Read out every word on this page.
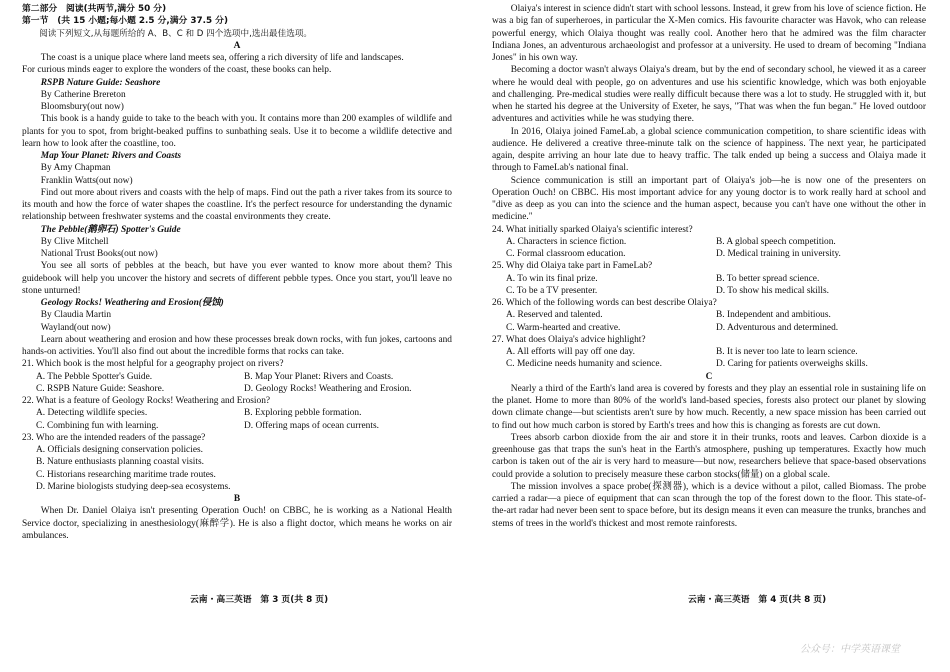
第二部分　阅读(共两节,满分 50 分)

第一节　(共 15 小题;每小题 2.5 分,满分 37.5 分)

阅读下列短文,从每题所给的 A、B、C 和 D 四个选项中,选出最佳选项。

A

The coast is a unique place where land meets sea, offering a rich diversity of life and landscapes.

For curious minds eager to explore the wonders of the coast, these books can help.

RSPB Nature Guide: Seashore

By Catherine Brereton

Bloomsbury(out now)

This book is a handy guide to take to the beach with you. It contains more than 200 examples of wildlife and plants for you to spot, from bright-beaked puffins to sunbathing seals. Use it to become a wildlife detective and learn how to look after the coastline, too.

Map Your Planet: Rivers and Coasts

By Amy Chapman

Franklin Watts(out now)

Find out more about rivers and coasts with the help of maps. Find out the path a river takes from its source to its mouth and how the force of water shapes the coastline. It's the perfect resource for understanding the dynamic relationship between freshwater systems and the coastal environments they create.

The Pebble(鹅卵石) Spotter's Guide

By Clive Mitchell

National Trust Books(out now)

You see all sorts of pebbles at the beach, but have you ever wanted to know more about them? This guidebook will help you uncover the history and secrets of different pebble types. Once you start, you'll leave no stone unturned!

Geology Rocks! Weathering and Erosion(侵蚀)

By Claudia Martin

Wayland(out now)

Learn about weathering and erosion and how these processes break down rocks, with fun jokes, cartoons and hands-on activities. You'll also find out about the incredible forms that rocks can take.

21. Which book is the most helpful for a geography project on rivers?

A. The Pebble Spotter's Guide.	B. Map Your Planet: Rivers and Coasts.
C. RSPB Nature Guide: Seashore.	D. Geology Rocks! Weathering and Erosion.

22. What is a feature of Geology Rocks! Weathering and Erosion?

A. Detecting wildlife species.	B. Exploring pebble formation.
C. Combining fun with learning.	D. Offering maps of ocean currents.

23. Who are the intended readers of the passage?

A. Officials designing conservation policies.
B. Nature enthusiasts planning coastal visits.
C. Historians researching maritime trade routes.
D. Marine biologists studying deep-sea ecosystems.

B

When Dr. Daniel Olaiya isn't presenting Operation Ouch! on CBBC, he is working as a National Health Service doctor, specializing in anesthesiology(麻醉学). He is also a flight doctor, which means he works on air ambulances.

Olaiya's interest in science didn't start with school lessons. Instead, it grew from his love of science fiction. He was a big fan of superheroes, in particular the X-Men comics. His favourite character was Havok, who can release powerful energy, which Olaiya thought was really cool. Another hero that he admired was the film character Indiana Jones, an adventurous archaeologist and professor at a university. He used to dream of becoming "Indiana Jones" in his own way.

Becoming a doctor wasn't always Olaiya's dream, but by the end of secondary school, he viewed it as a career where he would deal with people, go on adventures and use his scientific knowledge, which was both enjoyable and challenging. Pre-medical studies were really difficult because there was a lot to study. He struggled with it, but when he started his degree at the University of Exeter, he says, "That was when the fun began." He loved outdoor adventures and activities while he was studying there.

In 2016, Olaiya joined FameLab, a global science communication competition, to share scientific ideas with audience. He delivered a creative three-minute talk on the science of happiness. The next year, he participated again, despite arriving an hour late due to heavy traffic. The talk ended up being a success and Olaiya made it through to FameLab's national final.

Science communication is still an important part of Olaiya's job—he is now one of the presenters on Operation Ouch! on CBBC. His most important advice for any young doctor is to work really hard at school and "dive as deep as you can into the science and the human aspect, because you can't have one without the other in medicine."

24. What initially sparked Olaiya's scientific interest?

A. Characters in science fiction.	B. A global speech competition.
C. Formal classroom education.	D. Medical training in university.

25. Why did Olaiya take part in FameLab?

A. To win its final prize.	B. To better spread science.
C. To be a TV presenter.	D. To show his medical skills.

26. Which of the following words can best describe Olaiya?

A. Reserved and talented.	B. Independent and ambitious.
C. Warm-hearted and creative.	D. Adventurous and determined.

27. What does Olaiya's advice highlight?

A. All efforts will pay off one day.	B. It is never too late to learn science.
C. Medicine needs humanity and science.	D. Caring for patients overweighs skills.

C

Nearly a third of the Earth's land area is covered by forests and they play an essential role in sustaining life on the planet. Home to more than 80% of the world's land-based species, forests also protect our planet by slowing down climate change—but scientists aren't sure by how much. Recently, a new space mission has been carried out to find out how much carbon is stored by Earth's trees and how this is changing as forests are cut down.

Trees absorb carbon dioxide from the air and store it in their trunks, roots and leaves. Carbon dioxide is a greenhouse gas that traps the sun's heat in the Earth's atmosphere, pushing up temperatures. Exactly how much carbon is taken out of the air is very hard to measure—but now, researchers believe that space-based observations could provide a solution to precisely measure these carbon stocks(储量) on a global scale.

The mission involves a space probe(探测器), which is a device without a pilot, called Biomass. The probe carried a radar—a piece of equipment that can scan through the top of the forest down to the floor. This state-of-the-art radar had never been sent to space before, but its design means it even can measure the trunks, branches and stems of trees in the world's thickest and most remote rainforests.

云南・高三英语　第 3 页(共 8 页)	云南・高三英语　第 4 页(共 8 页)
公众号：中学英语课堂
